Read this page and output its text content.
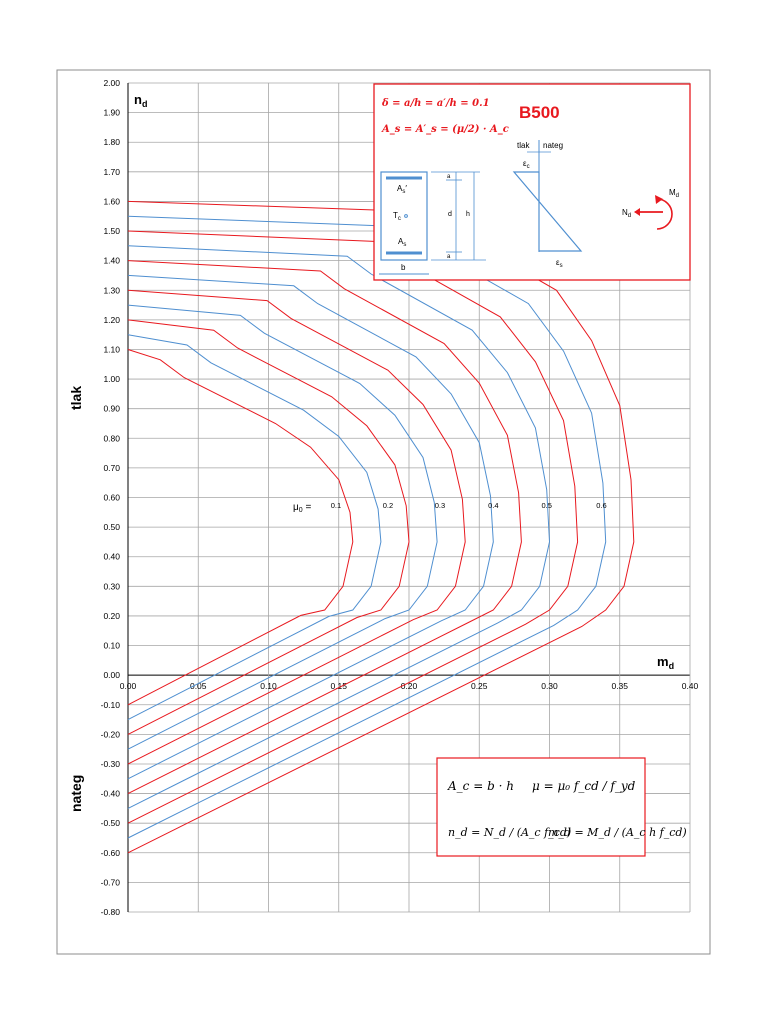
2.00
1.90
1.80
1.70
1.60
1.50
1.40
1.30
1.20
1.10
1.00
0.90
0.80
0.70
0.60
0.50
0.40
0.30
0.20
0.10
0.00
-0.10
-0.20
-0.30
-0.40
-0.50
-0.60
-0.70
-0.80
0.00	0.05	0.10	0.15	0.20	0.25	0.30	0.35	0.40
0.1	0.2	0.3	0.4	0.5	0.6
$n_d$
$m_d$
tlak
nateg
$\mu_0$ =
δ = a/h = a′/h = 0.1
A_s = A′_s = (μ/2) · A_c
B500
$A_s'$
$T_c$
$A_s$
b
a
d h
a
tlak nateg
$\varepsilon_c$
$\varepsilon_s$
$N_d$
$M_d$
A_c = b · h μ = μ₀ f_cd / f_yd
n_d = N_d / (A_c f_cd)
m_d = M_d / (A_c h f_cd)
